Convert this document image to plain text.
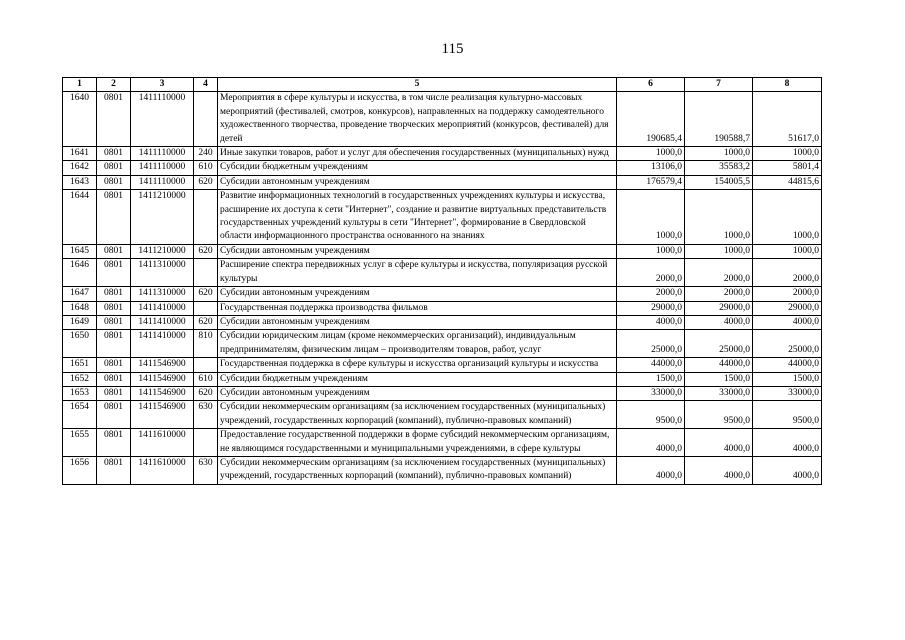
115
1	2	3	4	5	6	7	8
1640	0801	1411110000		Мероприятия в сфере культуры и искусства, в том числе реализация культурно-массовых мероприятий (фестивалей, смотров, конкурсов), направленных на поддержку самодеятельного художественного творчества, проведение творческих мероприятий (конкурсов, фестивалей) для детей	190685,4	190588,7	51617,0
1641	0801	1411110000	240	Иные закупки товаров, работ и услуг для обеспечения государственных (муниципальных) нужд	1000,0	1000,0	1000,0
1642	0801	1411110000	610	Субсидии бюджетным учреждениям	13106,0	35583,2	5801,4
1643	0801	1411110000	620	Субсидии автономным учреждениям	176579,4	154005,5	44815,6
1644	0801	1411210000		Развитие информационных технологий в государственных учреждениях культуры и искусства, расширение их доступа к сети "Интернет", создание и развитие виртуальных представительств государственных учреждений культуры в сети "Интернет", формирование в Свердловской области информационного пространства основанного на знаниях	1000,0	1000,0	1000,0
1645	0801	1411210000	620	Субсидии автономным учреждениям	1000,0	1000,0	1000,0
1646	0801	1411310000		Расширение спектра передвижных услуг в сфере культуры и искусства, популяризация русской культуры	2000,0	2000,0	2000,0
1647	0801	1411310000	620	Субсидии автономным учреждениям	2000,0	2000,0	2000,0
1648	0801	1411410000		Государственная поддержка производства фильмов	29000,0	29000,0	29000,0
1649	0801	1411410000	620	Субсидии автономным учреждениям	4000,0	4000,0	4000,0
1650	0801	1411410000	810	Субсидии юридическим лицам (кроме некоммерческих организаций), индивидуальным предпринимателям, физическим лицам – производителям товаров, работ, услуг	25000,0	25000,0	25000,0
1651	0801	1411546900		Государственная поддержка в сфере культуры и искусства организаций культуры и искусства	44000,0	44000,0	44000,0
1652	0801	1411546900	610	Субсидии бюджетным учреждениям	1500,0	1500,0	1500,0
1653	0801	1411546900	620	Субсидии автономным учреждениям	33000,0	33000,0	33000,0
1654	0801	1411546900	630	Субсидии некоммерческим организациям (за исключением государственных (муниципальных) учреждений, государственных корпораций (компаний), публично-правовых компаний)	9500,0	9500,0	9500,0
1655	0801	1411610000		Предоставление государственной поддержки в форме субсидий некоммерческим организациям, не являющимся государственными и муниципальными учреждениями, в сфере культуры	4000,0	4000,0	4000,0
1656	0801	1411610000	630	Субсидии некоммерческим организациям (за исключением государственных (муниципальных) учреждений, государственных корпораций (компаний), публично-правовых компаний)	4000,0	4000,0	4000,0
